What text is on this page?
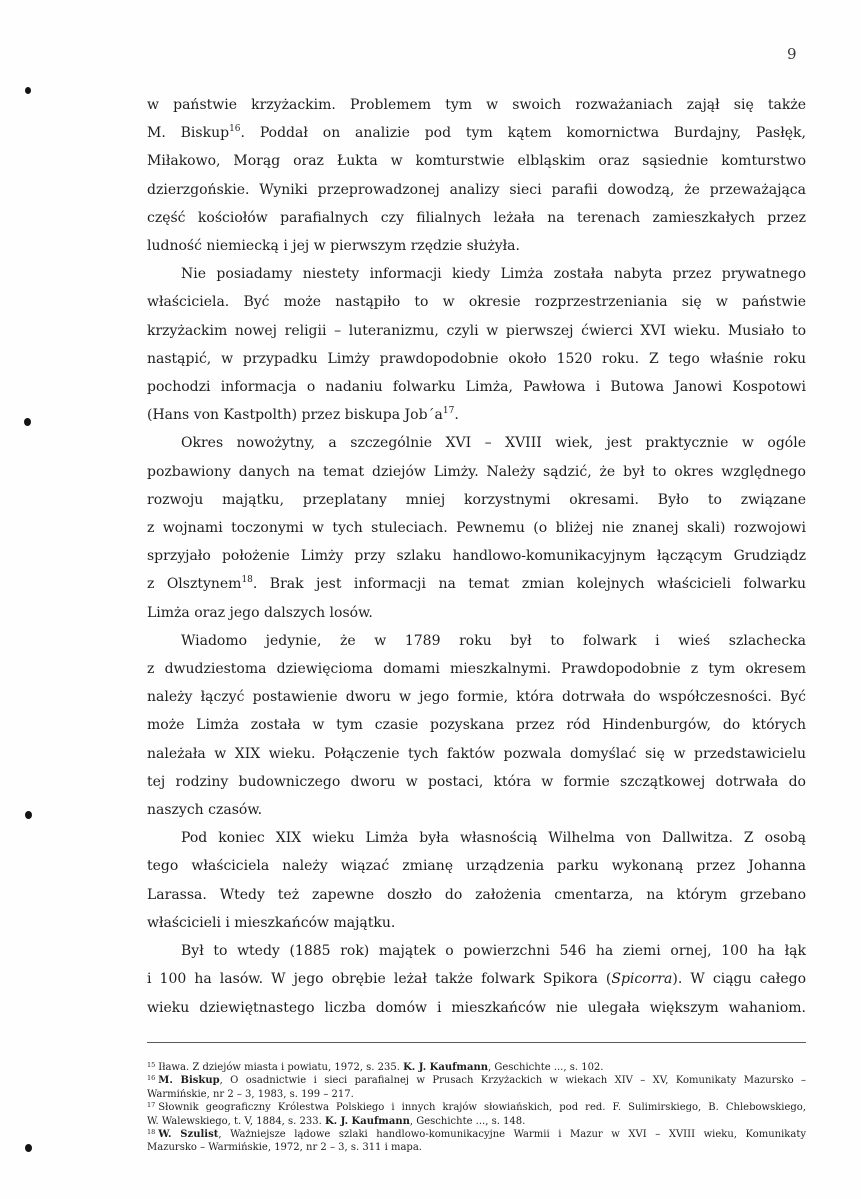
9
w państwie krzyżackim. Problemem tym w swoich rozważaniach zajął się także
M. Biskup$^{16}$. Poddał on analizie pod tym kątem komornictwa Burdajny, Pasłęk,
Miłakowo, Morąg oraz Łukta w komturstwie elbląskim oraz sąsiednie komturstwo
dzierzgońskie. Wyniki przeprowadzonej analizy sieci parafii dowodzą, że przeważająca
część kościołów parafialnych czy filialnych leżała na terenach zamieszkałych przez
ludność niemiecką i jej w pierwszym rzędzie służyła.
Nie posiadamy niestety informacji kiedy Limża została nabyta przez prywatnego
właściciela. Być może nastąpiło to w okresie rozprzestrzeniania się w państwie
krzyżackim nowej religii – luteranizmu, czyli w pierwszej ćwierci XVI wieku. Musiało to
nastąpić, w przypadku Limży prawdopodobnie około 1520 roku. Z tego właśnie roku
pochodzi informacja o nadaniu folwarku Limża, Pawłowa i Butowa Janowi Kospotowi
(Hans von Kastpolth) przez biskupa $Job´a^{17}$.
Okres nowożytny, a szczególnie XVI – XVIII wiek, jest praktycznie w ogóle
pozbawiony danych na temat dziejów Limży. Należy sądzić, że był to okres względnego
rozwoju majątku, przeplatany mniej korzystnymi okresami. Było to związane
z wojnami toczonymi w tych stuleciach. Pewnemu (o bliżej nie znanej skali) rozwojowi
sprzyjało położenie Limży przy szlaku handlowo-komunikacyjnym łączącym Grudziądz
z Olsztynem$^{18}$. Brak jest informacji na temat zmian kolejnych właścicieli folwarku
Limża oraz jego dalszych losów.
Wiadomo jedynie, że w 1789 roku był to folwark i wieś szlachecka
z dwudziestoma dziewięcioma domami mieszkalnymi. Prawdopodobnie z tym okresem
należy łączyć postawienie dworu w jego formie, która dotrwała do współczesności. Być
może Limża została w tym czasie pozyskana przez ród Hindenburgów, do których
należała w XIX wieku. Połączenie tych faktów pozwala domyślać się w przedstawicielu
tej rodziny budowniczego dworu w postaci, która w formie szczątkowej dotrwała do
naszych czasów.
Pod koniec XIX wieku Limża była własnością Wilhelma von Dallwitza. Z osobą
tego właściciela należy wiązać zmianę urządzenia parku wykonaną przez Johanna
Larassa. Wtedy też zapewne doszło do założenia cmentarza, na którym grzebano
właścicieli i mieszkańców majątku.
Był to wtedy (1885 rok) majątek o powierzchni 546 ha ziemi ornej, 100 ha łąk
i 100 ha lasów. W jego obrębie leżał także folwark Spikora (Spicorra). W ciągu całego
wieku dziewiętnastego liczba domów i mieszkańców nie ulegała większym wahaniom.
$^{15}$ Iława. Z dziejów miasta i powiatu, 1972, s. 235. K. J. Kaufmann, Geschichte ..., s. 102.
$^{16}$ M. Biskup, O osadnictwie i sieci parafialnej w Prusach Krzyżackich w wiekach XIV – XV, Komunikaty Mazursko –
Warmińskie, nr 2 – 3, 1983, s. 199 – 217.
$^{17}$ Słownik geograficzny Królestwa Polskiego i innych krajów słowiańskich, pod red. F. Sulimirskiego, B. Chlebowskiego,
W. Walewskiego, t. V, 1884, s. 233. K. J. Kaufmann, Geschichte ..., s. 148.
$^{18}$ W. Szulist, Ważniejsze lądowe szlaki handlowo-komunikacyjne Warmii i Mazur w XVI – XVIII wieku, Komunikaty
Mazursko – Warmińskie, 1972, nr 2 – 3, s. 311 i mapa.
